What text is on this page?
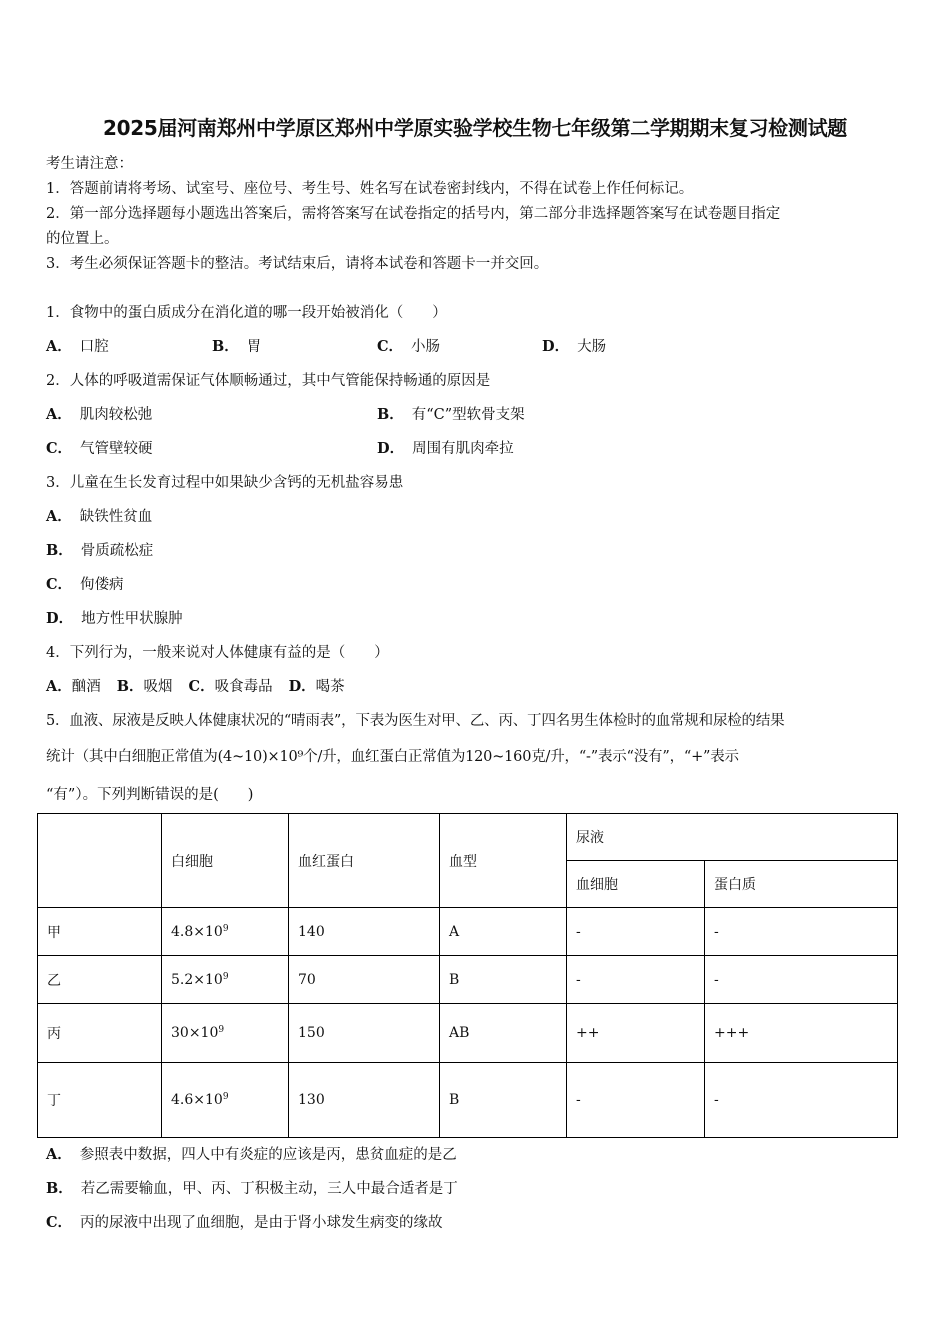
2025届河南郑州中学原区郑州中学原实验学校生物七年级第二学期期末复习检测试题
考生请注意：
1．答题前请将考场、试室号、座位号、考生号、姓名写在试卷密封线内，不得在试卷上作任何标记。
2．第一部分选择题每小题选出答案后，需将答案写在试卷指定的括号内，第二部分非选择题答案写在试卷题目指定
的位置上。
3．考生必须保证答题卡的整洁。考试结束后，请将本试卷和答题卡一并交回。
1．食物中的蛋白质成分在消化道的哪一段开始被消化（　　）
A． 口腔	B． 胃	C． 小肠	D． 大肠
2．人体的呼吸道需保证气体顺畅通过，其中气管能保持畅通的原因是
A． 肌肉较松弛	B． 有“C”型软骨支架
C． 气管壁较硬	D． 周围有肌肉牵拉
3．儿童在生长发育过程中如果缺少含钙的无机盐容易患
A． 缺铁性贫血
B． 骨质疏松症
C． 佝偻病
D． 地方性甲状腺肿
4．下列行为，一般来说对人体健康有益的是（　　）
A．酗酒 B．吸烟 C．吸食毒品 D．喝茶
5．血液、尿液是反映人体健康状况的“晴雨表”，下表为医生对甲、乙、丙、丁四名男生体检时的血常规和尿检的结果
统计（其中白细胞正常值为(4~10)×10⁹个/升，血红蛋白正常值为120~160克/升，“-”表示“没有”，“+”表示
“有”）。下列判断错误的是(　　)
	白细胞	血红蛋白	血型	尿液	
				血细胞	蛋白质
甲	$4.8\times 10^9$	140	A	-	-
乙	$5.2\times 10^9$	70	B	-	-
丙	$30\times 10^9$	150	AB	++	+++
丁	$4.6\times 10^9$	130	B	-	-
A． 参照表中数据，四人中有炎症的应该是丙，患贫血症的是乙
B． 若乙需要输血，甲、丙、丁积极主动，三人中最合适者是丁
C． 丙的尿液中出现了血细胞，是由于肾小球发生病变的缘故
